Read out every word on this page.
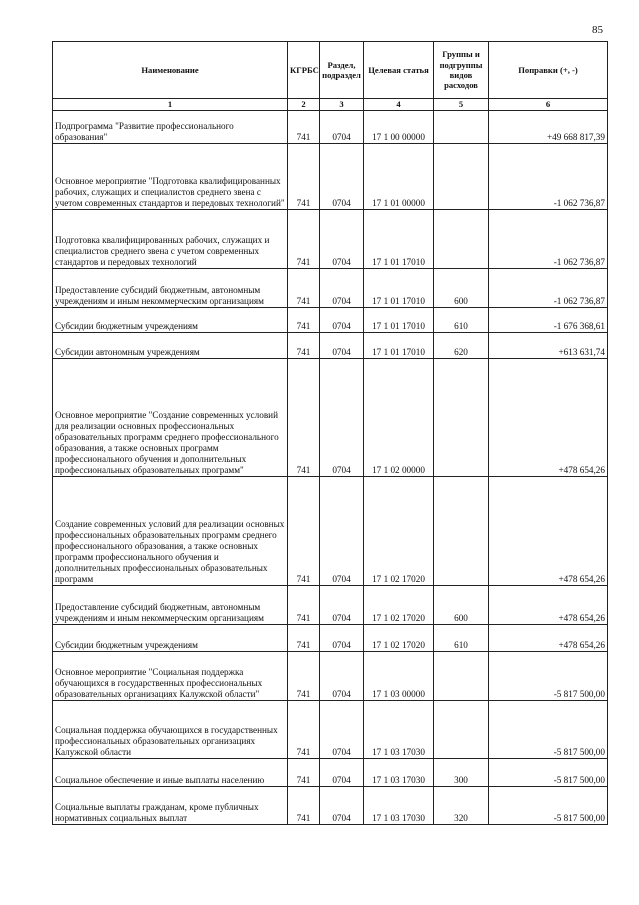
85
Наименование	КГРБС	Раздел, подраздел	Целевая статья	Группы и подгруппы видов расходов	Поправки (+, -)
1	2	3	4	5	6
Подпрограмма "Развитие профессионального образования"	741	0704	17 1 00 00000		+49 668 817,39
Основное мероприятие "Подготовка квалифицированных рабочих, служащих и специалистов среднего звена с учетом современных стандартов и передовых технологий"	741	0704	17 1 01 00000		-1 062 736,87
Подготовка квалифицированных рабочих, служащих и специалистов среднего звена с учетом современных стандартов и передовых технологий	741	0704	17 1 01 17010		-1 062 736,87
Предоставление субсидий бюджетным, автономным учреждениям и иным некоммерческим организациям	741	0704	17 1 01 17010	600	-1 062 736,87
Субсидии бюджетным учреждениям	741	0704	17 1 01 17010	610	-1 676 368,61
Субсидии автономным учреждениям	741	0704	17 1 01 17010	620	+613 631,74
Основное мероприятие "Создание современных условий для реализации основных профессиональных образовательных программ среднего профессионального образования, а также основных программ профессионального обучения и дополнительных профессиональных образовательных программ"	741	0704	17 1 02 00000		+478 654,26
Создание современных условий для реализации основных профессиональных образовательных программ среднего профессионального образования, а также основных программ профессионального обучения и дополнительных профессиональных образовательных программ	741	0704	17 1 02 17020		+478 654,26
Предоставление субсидий бюджетным, автономным учреждениям и иным некоммерческим организациям	741	0704	17 1 02 17020	600	+478 654,26
Субсидии бюджетным учреждениям	741	0704	17 1 02 17020	610	+478 654,26
Основное мероприятие "Социальная поддержка обучающихся в государственных профессиональных образовательных организациях Калужской области"	741	0704	17 1 03 00000		-5 817 500,00
Социальная поддержка обучающихся в государственных профессиональных образовательных организациях Калужской области	741	0704	17 1 03 17030		-5 817 500,00
Социальное обеспечение и иные выплаты населению	741	0704	17 1 03 17030	300	-5 817 500,00
Социальные выплаты гражданам, кроме публичных нормативных социальных выплат	741	0704	17 1 03 17030	320	-5 817 500,00
